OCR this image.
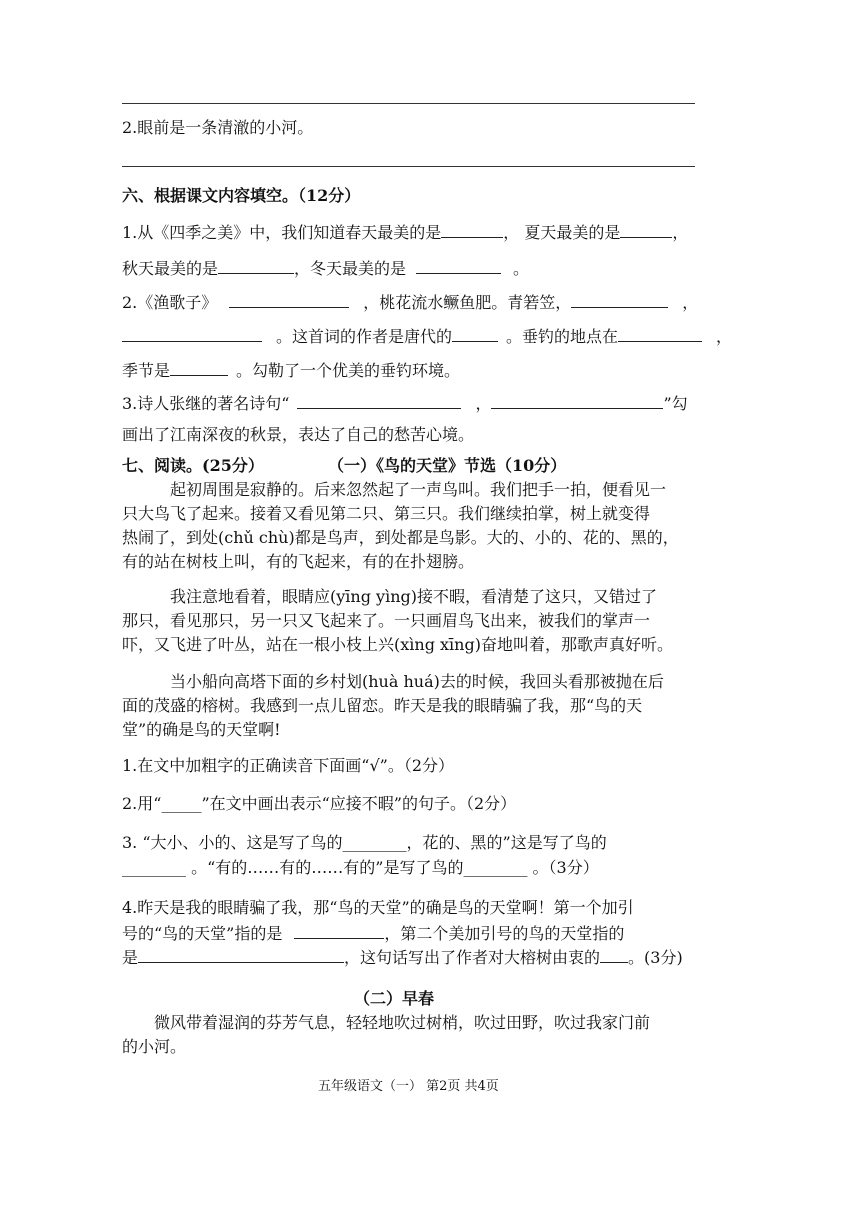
2.眼前是一条清澈的小河。
六、根据课文内容填空。（12分）
1.从《四季之美》中，我们知道春天最美的是	， 夏天最美的是	，
秋天最美的是	，冬天最美的是	。
2.《渔歌子》	，桃花流水鳜鱼肥。青箬笠，	，
。这首词的作者是唐代的	。垂钓的地点在	，
季节是	。勾勒了一个优美的垂钓环境。
3.诗人张继的著名诗句“	，	”勾
画出了江南深夜的秋景，表达了自己的愁苦心境。
七、阅读。(25分）	（一）《鸟的天堂》节选（10分）
起初周围是寂静的。后来忽然起了一声鸟叫。我们把手一拍，便看见一
只大鸟飞了起来。接着又看见第二只、第三只。我们继续拍掌，树上就变得
热闹了，到处(chǔ chù)都是鸟声，到处都是鸟影。大的、小的、花的、黑的，
有的站在树枝上叫，有的飞起来，有的在扑翅膀。
我注意地看着，眼睛应(yīng yìng)接不暇，看清楚了这只，又错过了
那只，看见那只，另一只又飞起来了。一只画眉鸟飞出来，被我们的掌声一
吓，又飞进了叶丛，站在一根小枝上兴(xìng xīng)奋地叫着，那歌声真好听。
当小船向高塔下面的乡村划(huà huá)去的时候，我回头看那被抛在后
面的茂盛的榕树。我感到一点儿留恋。昨天是我的眼睛骗了我，那“鸟的天
堂”的确是鸟的天堂啊!
1.在文中加粗字的正确读音下面画“√”。（2分）
2.用“_____”在文中画出表示“应接不暇”的句子。（2分）
3. “大小、小的、这是写了鸟的________，花的、黑的”这是写了鸟的
________ 。“有的……有的……有的”是写了鸟的________ 。（3分）
4.昨天是我的眼睛骗了我，那“鸟的天堂”的确是鸟的天堂啊！第一个加引
号的“鸟的天堂”指的是	，第二个美加引号的鸟的天堂指的
是	，这句话写出了作者对大榕树由衷的 。(3分)
（二）早春
微风带着湿润的芬芳气息，轻轻地吹过树梢，吹过田野，吹过我家门前
的小河。
五年级语文（一） 第2页 共4页
